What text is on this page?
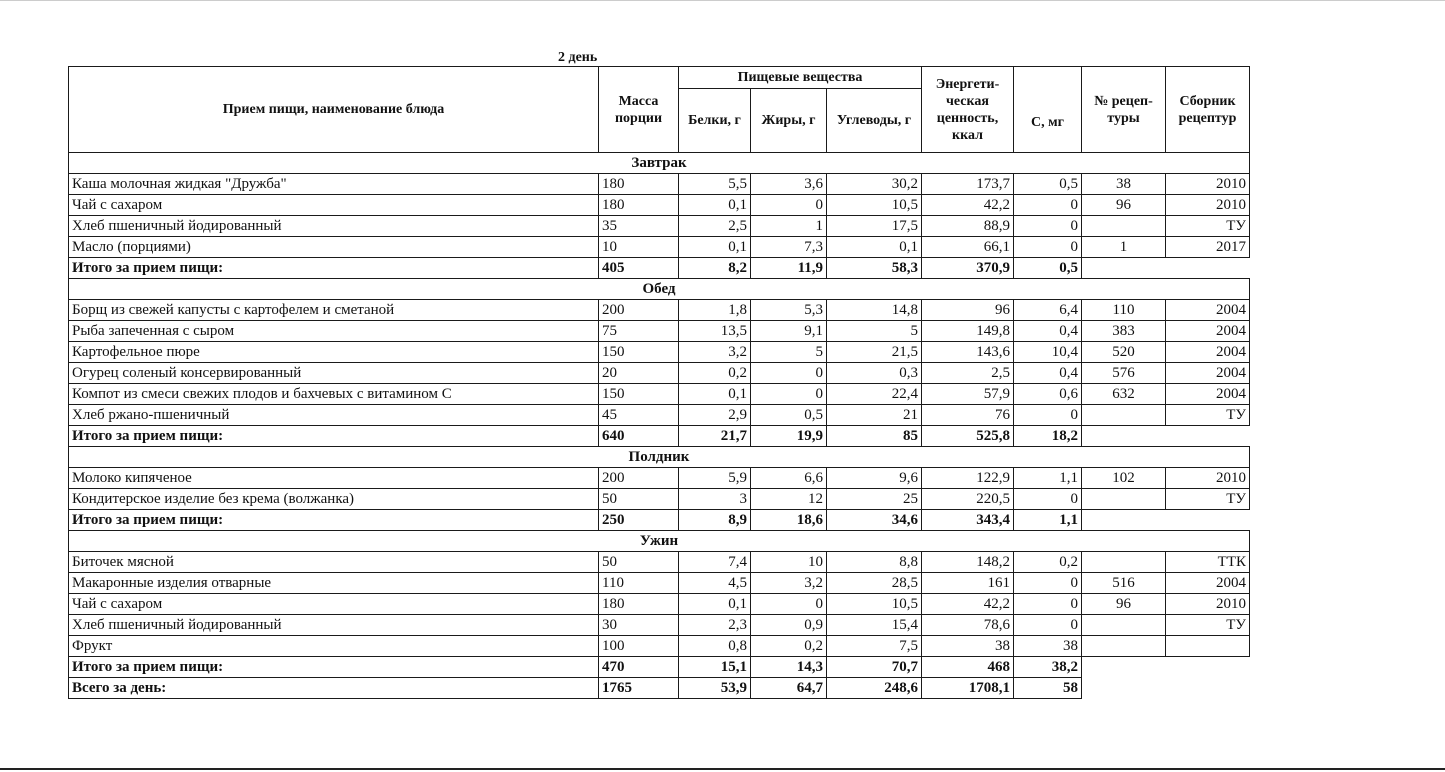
2 день
Прием пищи, наименование блюда	Масса порции	Пищевые вещества			Энергети- ческая ценность, ккал	С, мг	№ рецеп- туры	Сборник рецептур
		Белки, г	Жиры, г	Углеводы, г				
Завтрак								
Каша молочная жидкая "Дружба"	180	5,5	3,6	30,2	173,7	0,5	38	2010
Чай с сахаром	180	0,1	0	10,5	42,2	0	96	2010
Хлеб пшеничный йодированный	35	2,5	1	17,5	88,9	0		ТУ
Масло (порциями)	10	0,1	7,3	0,1	66,1	0	1	2017
Итого за прием пищи:	405	8,2	11,9	58,3	370,9	0,5		
Обед								
Борщ из свежей капусты с картофелем и сметаной	200	1,8	5,3	14,8	96	6,4	110	2004
Рыба запеченная с сыром	75	13,5	9,1	5	149,8	0,4	383	2004
Картофельное пюре	150	3,2	5	21,5	143,6	10,4	520	2004
Огурец соленый консервированный	20	0,2	0	0,3	2,5	0,4	576	2004
Компот из смеси свежих плодов и бахчевых с витамином С	150	0,1	0	22,4	57,9	0,6	632	2004
Хлеб ржано-пшеничный	45	2,9	0,5	21	76	0		ТУ
Итого за прием пищи:	640	21,7	19,9	85	525,8	18,2		
Полдник								
Молоко кипяченое	200	5,9	6,6	9,6	122,9	1,1	102	2010
Кондитерское изделие без крема (волжанка)	50	3	12	25	220,5	0		ТУ
Итого за прием пищи:	250	8,9	18,6	34,6	343,4	1,1		
Ужин								
Биточек мясной	50	7,4	10	8,8	148,2	0,2		ТТК
Макаронные изделия отварные	110	4,5	3,2	28,5	161	0	516	2004
Чай с сахаром	180	0,1	0	10,5	42,2	0	96	2010
Хлеб пшеничный йодированный	30	2,3	0,9	15,4	78,6	0		ТУ
Фрукт	100	0,8	0,2	7,5	38	38		
Итого за прием пищи:	470	15,1	14,3	70,7	468	38,2		
Всего за день:	1765	53,9	64,7	248,6	1708,1	58		
